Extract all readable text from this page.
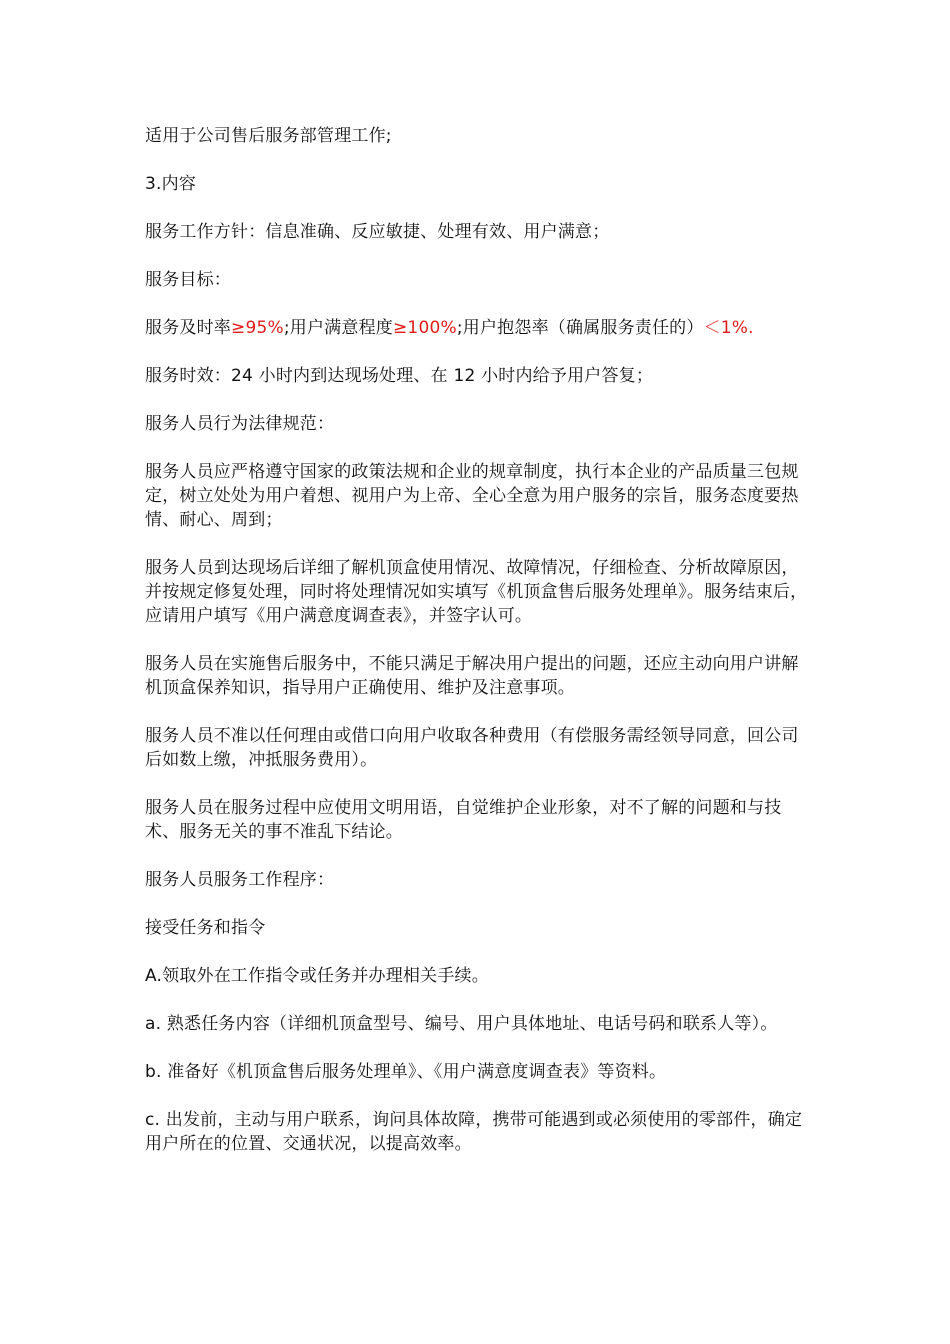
适用于公司售后服务部管理工作;

3.内容

服务工作方针：信息准确、反应敏捷、处理有效、用户满意；

服务目标：

服务及时率≥95%;用户满意程度≥100%;用户抱怨率（确属服务责任的）＜1%.

服务时效：24 小时内到达现场处理、在 12 小时内给予用户答复；

服务人员行为法律规范：

服务人员应严格遵守国家的政策法规和企业的规章制度，执行本企业的产品质量三包规定，树立处处为用户着想、视用户为上帝、全心全意为用户服务的宗旨，服务态度要热情、耐心、周到；

服务人员到达现场后详细了解机顶盒使用情况、故障情况，仔细检查、分析故障原因，并按规定修复处理，同时将处理情况如实填写《机顶盒售后服务处理单》。服务结束后，应请用户填写《用户满意度调查表》，并签字认可。

服务人员在实施售后服务中，不能只满足于解决用户提出的问题，还应主动向用户讲解机顶盒保养知识，指导用户正确使用、维护及注意事项。

服务人员不准以任何理由或借口向用户收取各种费用（有偿服务需经领导同意，回公司后如数上缴，冲抵服务费用）。

服务人员在服务过程中应使用文明用语，自觉维护企业形象，对不了解的问题和与技术、服务无关的事不准乱下结论。

服务人员服务工作程序：

接受任务和指令

A.领取外在工作指令或任务并办理相关手续。

a. 熟悉任务内容（详细机顶盒型号、编号、用户具体地址、电话号码和联系人等）。

b. 准备好《机顶盒售后服务处理单》、《用户满意度调查表》等资料。

c. 出发前，主动与用户联系，询问具体故障，携带可能遇到或必须使用的零部件，确定用户所在的位置、交通状况，以提高效率。
